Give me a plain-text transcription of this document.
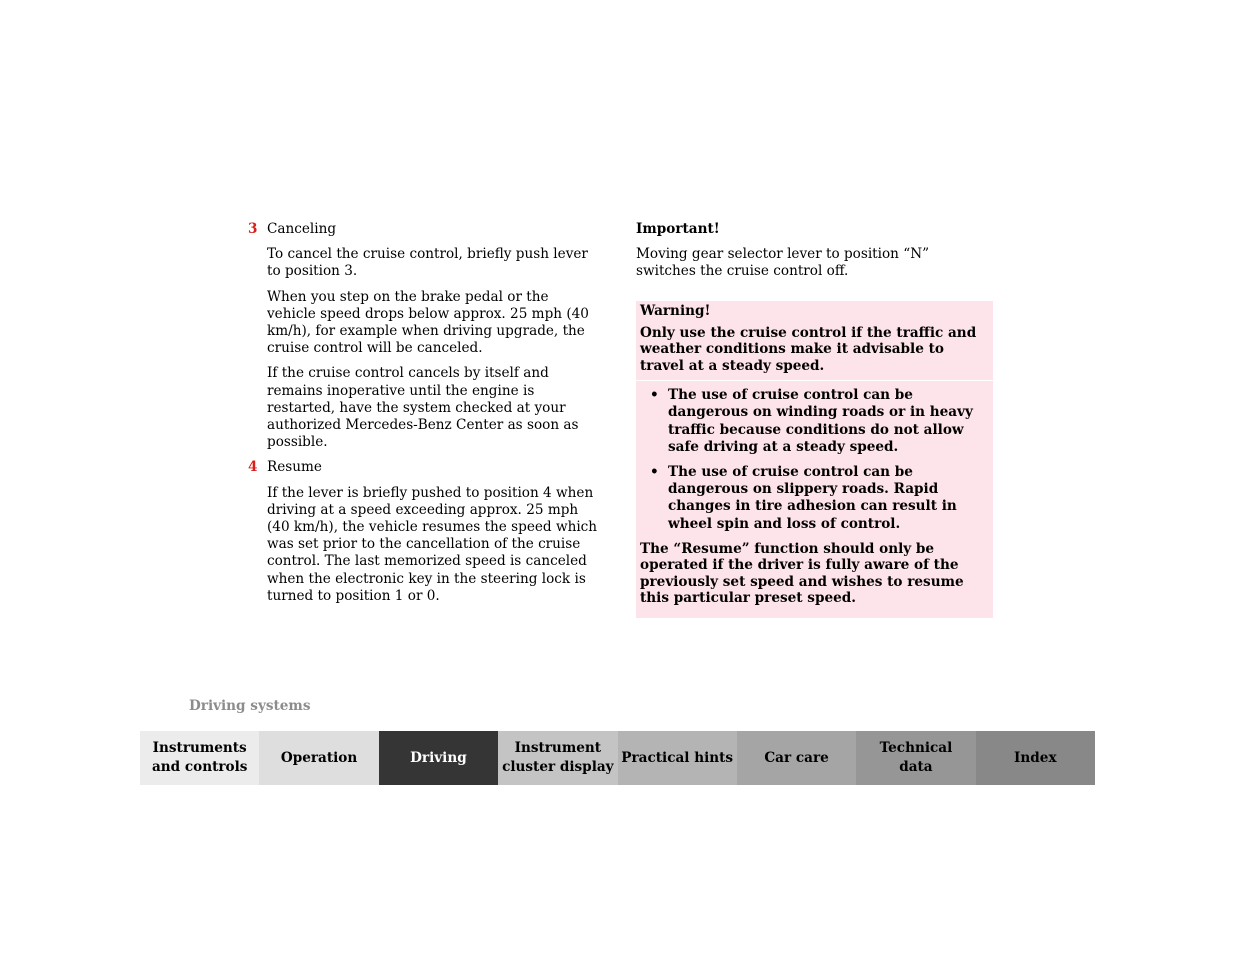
3 Canceling

To cancel the cruise control, briefly push lever to position 3.

When you step on the brake pedal or the vehicle speed drops below approx. 25 mph (40 km/h), for example when driving upgrade, the cruise control will be canceled.

If the cruise control cancels by itself and remains inoperative until the engine is restarted, have the system checked at your authorized Mercedes-Benz Center as soon as possible.

4 Resume

If the lever is briefly pushed to position 4 when driving at a speed exceeding approx. 25 mph (40 km/h), the vehicle resumes the speed which was set prior to the cancellation of the cruise control. The last memorized speed is canceled when the electronic key in the steering lock is turned to position 1 or 0.

Important!

Moving gear selector lever to position “N” switches the cruise control off.

Warning!

Only use the cruise control if the traffic and weather conditions make it advisable to travel at a steady speed.

• The use of cruise control can be dangerous on winding roads or in heavy traffic because conditions do not allow safe driving at a steady speed.
• The use of cruise control can be dangerous on slippery roads. Rapid changes in tire adhesion can result in wheel spin and loss of control.

The “Resume” function should only be operated if the driver is fully aware of the previously set speed and wishes to resume this particular preset speed.

Driving systems
Instruments
and controls
Operation	Driving
Instrument
cluster display
Practical hints Car care
Technical
data
Index
